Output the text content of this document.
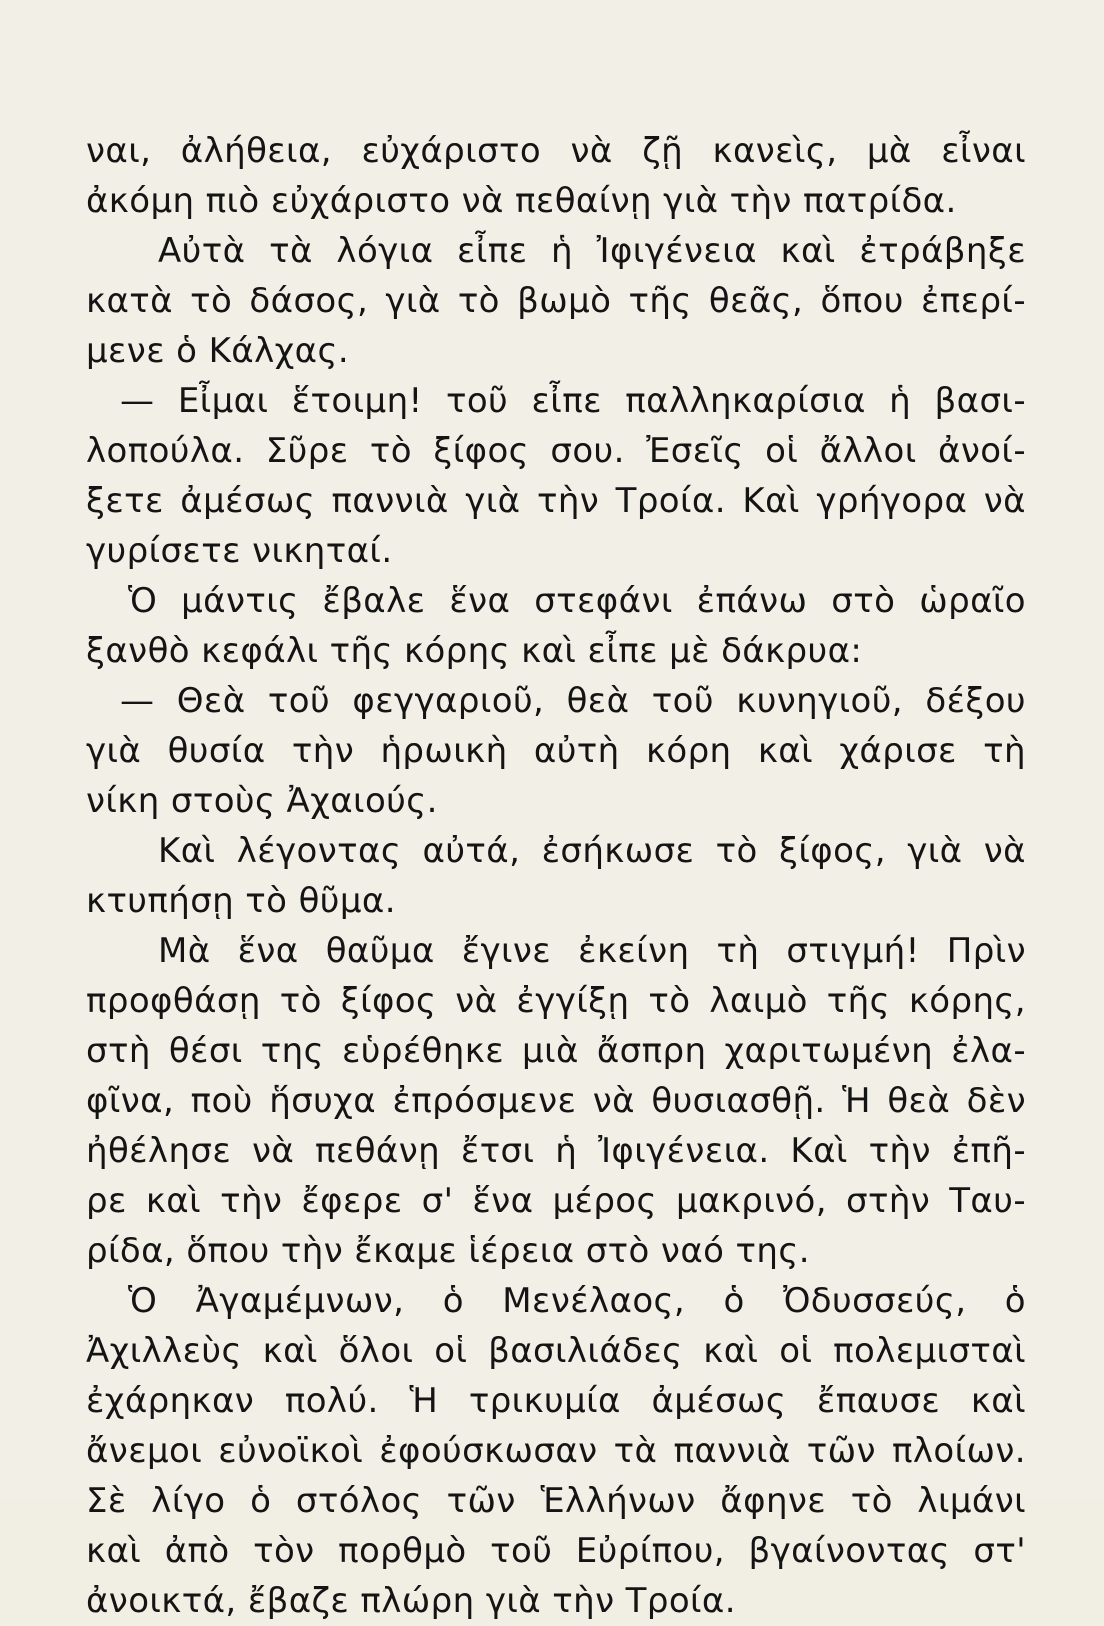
ναι, ἀλήθεια, εὐχάριστο νὰ ζῇ κανεὶς, μὰ εἶναι
ἀκόμη πιὸ εὐχάριστο νὰ πεθαίνῃ γιὰ τὴν πατρίδα.
Αὐτὰ τὰ λόγια εἶπε ἡ Ἰφιγένεια καὶ ἐτράβηξε
κατὰ τὸ δάσος, γιὰ τὸ βωμὸ τῆς θεᾶς, ὅπου ἐπερί-
μενε ὁ Κάλχας.
— Εἶμαι ἕτοιμη! τοῦ εἶπε παλληκαρίσια ἡ βασι-
λοπούλα. Σῦρε τὸ ξίφος σου. Ἐσεῖς οἱ ἄλλοι ἀνοί-
ξετε ἀμέσως παννιὰ γιὰ τὴν Τροία. Καὶ γρήγορα νὰ
γυρίσετε νικηταί.
Ὁ μάντις ἔβαλε ἕνα στεφάνι ἐπάνω στὸ ὡραῖο
ξανθὸ κεφάλι τῆς κόρης καὶ εἶπε μὲ δάκρυα:
— Θεὰ τοῦ φεγγαριοῦ, θεὰ τοῦ κυνηγιοῦ, δέξου
γιὰ θυσία τὴν ἡρωικὴ αὐτὴ κόρη καὶ χάρισε τὴ
νίκη στοὺς Ἀχαιούς.
Καὶ λέγοντας αὐτά, ἐσήκωσε τὸ ξίφος, γιὰ νὰ
κτυπήσῃ τὸ θῦμα.
Μὰ ἕνα θαῦμα ἔγινε ἐκείνη τὴ στιγμή! Πρὶν
προφθάσῃ τὸ ξίφος νὰ ἐγγίξῃ τὸ λαιμὸ τῆς κόρης,
στὴ θέσι της εὑρέθηκε μιὰ ἄσπρη χαριτωμένη ἐλα-
φῖνα, ποὺ ἥσυχα ἐπρόσμενε νὰ θυσιασθῇ. Ἡ θεὰ δὲν
ἠθέλησε νὰ πεθάνῃ ἔτσι ἡ Ἰφιγένεια. Καὶ τὴν ἐπῆ-
ρε καὶ τὴν ἔφερε σ' ἕνα μέρος μακρινό, στὴν Ταυ-
ρίδα, ὅπου τὴν ἔκαμε ἱέρεια στὸ ναό της.
Ὁ Ἀγαμέμνων, ὁ Μενέλαος, ὁ Ὀδυσσεύς, ὁ
Ἀχιλλεὺς καὶ ὅλοι οἱ βασιλιάδες καὶ οἱ πολεμισταὶ
ἐχάρηκαν πολύ. Ἡ τρικυμία ἀμέσως ἔπαυσε καὶ
ἄνεμοι εὐνοϊκοὶ ἐφούσκωσαν τὰ παννιὰ τῶν πλοίων.
Σὲ λίγο ὁ στόλος τῶν Ἑλλήνων ἄφηνε τὸ λιμάνι
καὶ ἀπὸ τὸν πορθμὸ τοῦ Εὐρίπου, βγαίνοντας στ'
ἀνοικτά, ἔβαζε πλώρη γιὰ τὴν Τροία.
